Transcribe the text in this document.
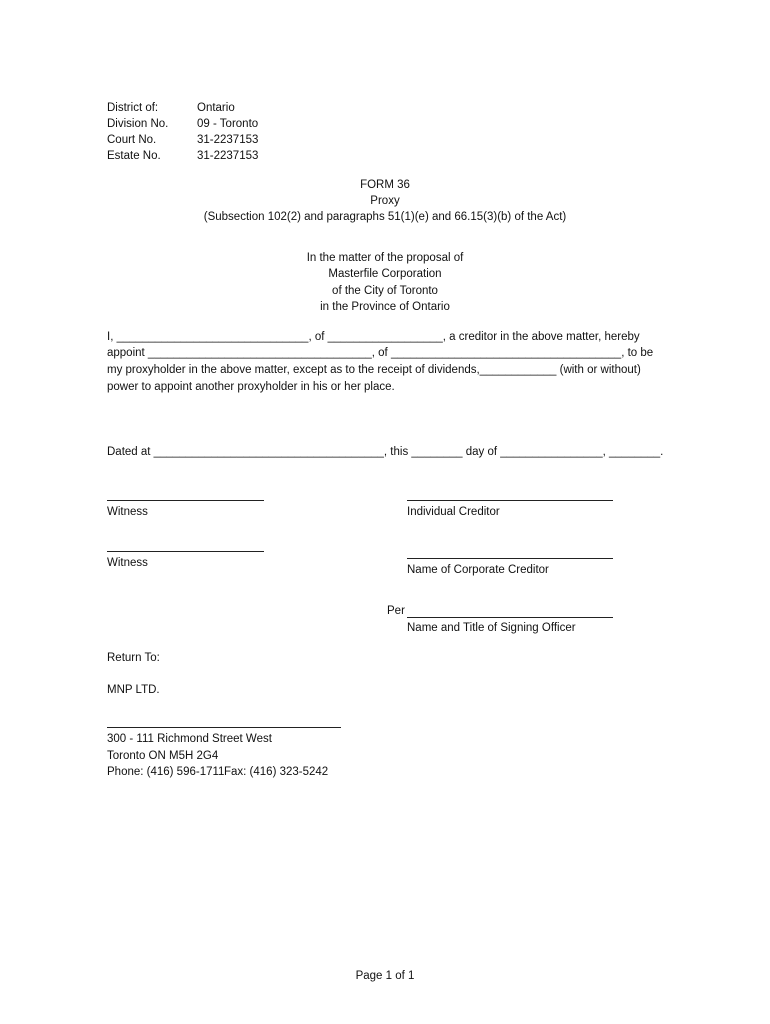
District of:	Ontario
Division No. 09 - Toronto
Court No.	31-2237153
Estate No.	31-2237153
FORM 36
Proxy
(Subsection 102(2) and paragraphs 51(1)(e) and 66.15(3)(b) of the Act)
In the matter of the proposal of
Masterfile Corporation
of the City of Toronto
in the Province of Ontario
I, ______________________________, of __________________, a creditor in the above matter, hereby
appoint ___________________________________, of ____________________________________, to be
my proxyholder in the above matter, except as to the receipt of dividends,____________ (with or without)
power to appoint another proxyholder in his or her place.
Dated at ____________________________________, this ________ day of ________________, ________.
Witness	Individual Creditor
Witness
Name of Corporate Creditor
Per
Name and Title of Signing Officer
Return To:
MNP LTD.
300 - 111 Richmond Street West
Toronto ON M5H 2G4
Phone: (416) 596-1711 Fax: (416) 323-5242
Page 1 of 1
